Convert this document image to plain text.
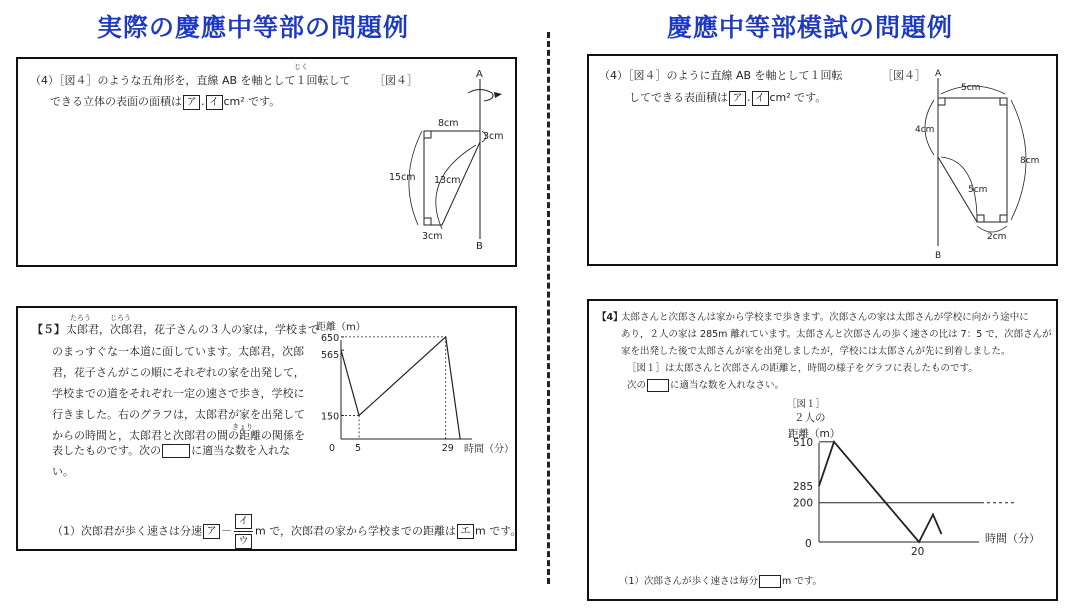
実際の慶應中等部の問題例	慶應中等部模試の問題例
（4）［図４］のような五角形を，直線 AB を軸として１回転して
じく
できる立体の表面の面積は ア . イ cm² です。
［図４］	A
B
8cm
3cm
15cm 13cm
3cm
（4）［図４］のように直線 AB を軸として１回転
してできる表面積は ア . イ cm² です。
［図４］ A
B
5cm
4cm
8cm
5cm
2cm
【５】
たろう	じろう
太郎君，次郎君，花子さんの３人の家は，学校まで
のまっすぐな一本道に面しています。太郎君，次郎
君，花子さんがこの順にそれぞれの家を出発して，
学校までの道をそれぞれ一定の速さで歩き，学校に
行きました。右のグラフは，太郎君が家を出発して
からの時間と，太郎君と次郎君の間の距離の関係を
きょり
表したものです。次の	に適当な数を入れな
い。
距離（m）
時間（分）
150
565
650
0 5	29
（1）次郎君が歩く速さは分速 ア －
イ
ウ
m で，次郎君の家から学校までの距離は エ m です。
【4】
太郎さんと次郎さんは家から学校まで歩きます。次郎さんの家は太郎さんが学校に向かう途中に
あり，２人の家は 285m 離れています。太郎さんと次郎さんの歩く速さの比は 7：5 で，次郎さんが
家を出発した後で太郎さんが家を出発しましたが，学校には太郎さんが先に到着しました。
［図１］は太郎さんと次郎さんの距離と，時間の様子をグラフに表したものです。
次の	に適当な数を入れなさい。
［図１］
２人の
距離（m）
時間（分）
200
285
510
0
20
（1）次郎さんが歩く速さは毎分	m です。
